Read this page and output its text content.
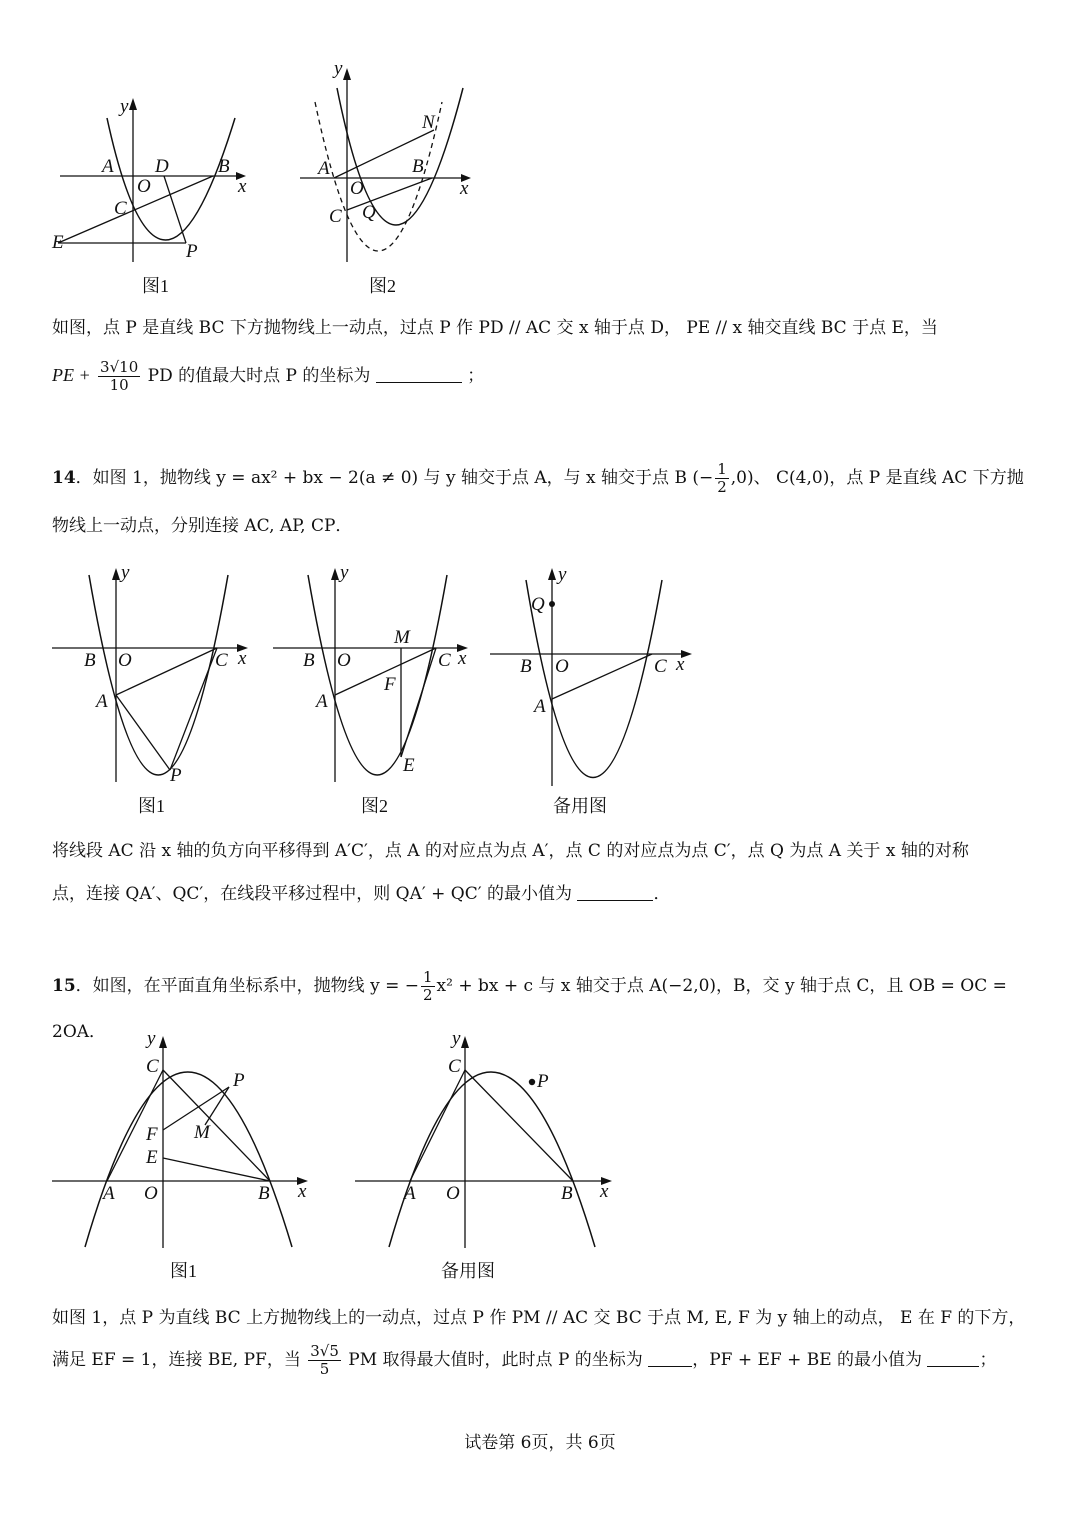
y
x
A D	B
O
C
E	P
图1
y
x
N
A	B
O
C Q
图2
如图，点 P 是直线 BC 下方抛物线上一动点，过点 P 作 PD // AC 交 x 轴于点 D， PE // x 轴交直线 BC 于点 E，当
PE + $\frac{3√10}{10}$ PD 的值最大时点 P 的坐标为	；
14．如图 1，抛物线 y = ax² + bx − 2(a ≠ 0) 与 y 轴交于点 A，与 x 轴交于点 B (− $\frac{1}{2} ,0$)、 C(4,0)，点 P 是直线 AC 下方抛
物线上一动点，分别连接 AC, AP, CP．
y
x
B O	C
A
P
图1
y
x
M
B O	C
F
A
E
图2
y
x
Q
B O	C
A
备用图
将线段 AC 沿 x 轴的负方向平移得到 A′C′，点 A 的对应点为点 A′，点 C 的对应点为点 C′，点 Q 为点 A 关于 x 轴的对称
点，连接 QA′、QC′，在线段平移过程中，则 QA′ + QC′ 的最小值为	．
15．如图，在平面直角坐标系中，抛物线 y = − $\frac{1}{2} x^2$ + bx + c 与 x 轴交于点 A(−2,0)，B，交 y 轴于点 C，且 OB = OC = 2OA．	y
x
C
P
F M
E
A O	B
图1
y
x
C
P
A O	B
备用图
如图 1，点 P 为直线 BC 上方抛物线上的一动点，过点 P 作 PM // AC 交 BC 于点 M, E, F 为 y 轴上的动点， E 在 F 的下方，
满足 EF = 1，连接 BE, PF，当 $\frac{3√5}{5}$ PM 取得最大值时，此时点 P 的坐标为	，PF + EF + BE 的最小值为	；
试卷第 6页，共 6页
